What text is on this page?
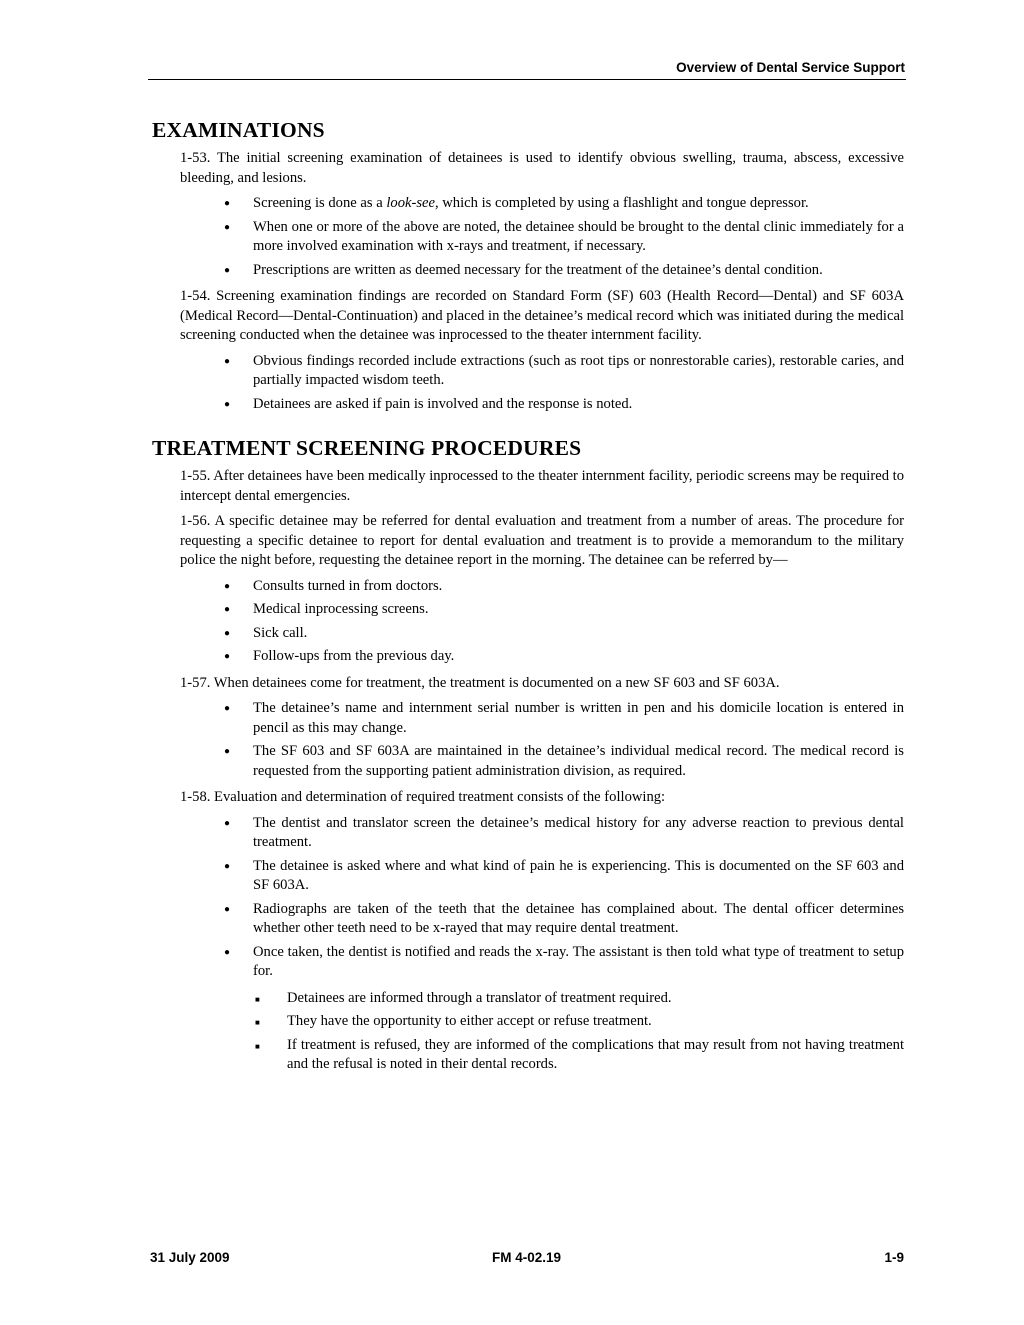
Overview of Dental Service Support
EXAMINATIONS

1-53. The initial screening examination of detainees is used to identify obvious swelling, trauma, abscess, excessive bleeding, and lesions.

● Screening is done as a look-see, which is completed by using a flashlight and tongue depressor.
● When one or more of the above are noted, the detainee should be brought to the dental clinic immediately for a more involved examination with x-rays and treatment, if necessary.
● Prescriptions are written as deemed necessary for the treatment of the detainee’s dental condition.

1-54. Screening examination findings are recorded on Standard Form (SF) 603 (Health Record—Dental) and SF 603A (Medical Record—Dental-Continuation) and placed in the detainee’s medical record which was initiated during the medical screening conducted when the detainee was inprocessed to the theater internment facility.

● Obvious findings recorded include extractions (such as root tips or nonrestorable caries), restorable caries, and partially impacted wisdom teeth.
● Detainees are asked if pain is involved and the response is noted.
TREATMENT SCREENING PROCEDURES

1-55. After detainees have been medically inprocessed to the theater internment facility, periodic screens may be required to intercept dental emergencies.

1-56. A specific detainee may be referred for dental evaluation and treatment from a number of areas. The procedure for requesting a specific detainee to report for dental evaluation and treatment is to provide a memorandum to the military police the night before, requesting the detainee report in the morning. The detainee can be referred by—

● Consults turned in from doctors.
● Medical inprocessing screens.
● Sick call.
● Follow-ups from the previous day.

1-57. When detainees come for treatment, the treatment is documented on a new SF 603 and SF 603A.

● The detainee’s name and internment serial number is written in pen and his domicile location is entered in pencil as this may change.
● The SF 603 and SF 603A are maintained in the detainee’s individual medical record. The medical record is requested from the supporting patient administration division, as required.

1-58. Evaluation and determination of required treatment consists of the following:

● The dentist and translator screen the detainee’s medical history for any adverse reaction to previous dental treatment.
● The detainee is asked where and what kind of pain he is experiencing. This is documented on the SF 603 and SF 603A.
● Radiographs are taken of the teeth that the detainee has complained about. The dental officer determines whether other teeth need to be x-rayed that may require dental treatment.
● Once taken, the dentist is notified and reads the x-ray. The assistant is then told what type of treatment to setup for.
■ Detainees are informed through a translator of treatment required.
■ They have the opportunity to either accept or refuse treatment.
■ If treatment is refused, they are informed of the complications that may result from not having treatment and the refusal is noted in their dental records.
31 July 2009	FM 4-02.19	1-9
